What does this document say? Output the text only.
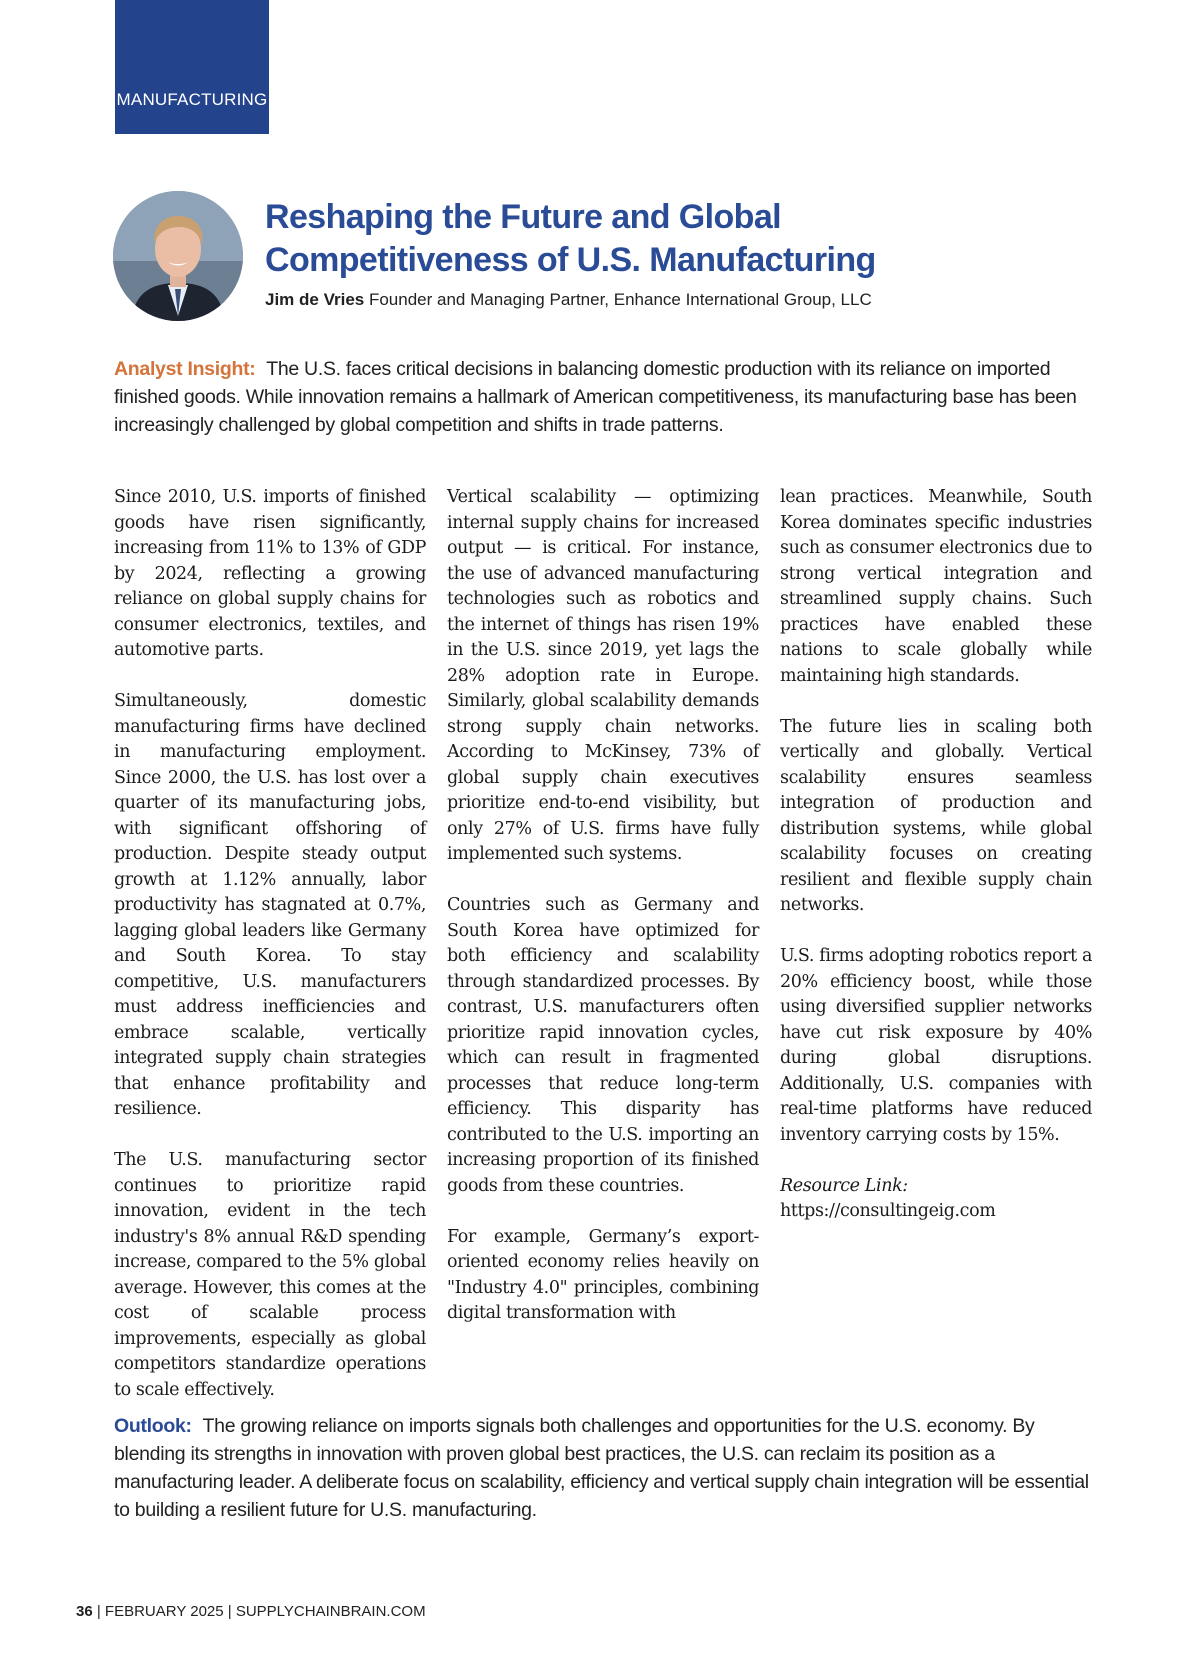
MANUFACTURING
Reshaping the Future and Global Competitiveness of U.S. Manufacturing
Jim de Vries Founder and Managing Partner, Enhance International Group, LLC
Analyst Insight: The U.S. faces critical decisions in balancing domestic production with its reliance on imported finished goods. While innovation remains a hallmark of American competitiveness, its manufacturing base has been increasingly challenged by global competition and shifts in trade patterns.

Since 2010, U.S. imports of finished goods have risen significantly, increasing from 11% to 13% of GDP by 2024, reflecting a growing reliance on global supply chains for consumer electronics, textiles, and automotive parts.

Simultaneously, domestic manufacturing firms have declined in manufacturing employment. Since 2000, the U.S. has lost over a quarter of its manufacturing jobs, with significant offshoring of production. Despite steady output growth at 1.12% annually, labor productivity has stagnated at 0.7%, lagging global leaders like Germany and South Korea. To stay competitive, U.S. manufacturers must address inefficiencies and embrace scalable, vertically integrated supply chain strategies that enhance profitability and resilience.

The U.S. manufacturing sector continues to prioritize rapid innovation, evident in the tech industry's 8% annual R&D spending increase, compared to the 5% global average. However, this comes at the cost of scalable process improvements, especially as global competitors standardize operations to scale effectively.

Vertical scalability — optimizing internal supply chains for increased output — is critical. For instance, the use of advanced manufacturing technologies such as robotics and the internet of things has risen 19% in the U.S. since 2019, yet lags the 28% adoption rate in Europe. Similarly, global scalability demands strong supply chain networks. According to McKinsey, 73% of global supply chain executives prioritize end-to-end visibility, but only 27% of U.S. firms have fully implemented such systems.

Countries such as Germany and South Korea have optimized for both efficiency and scalability through standardized processes. By contrast, U.S. manufacturers often prioritize rapid innovation cycles, which can result in fragmented processes that reduce long-term efficiency. This disparity has contributed to the U.S. importing an increasing proportion of its finished goods from these countries.

For example, Germany’s export-oriented economy relies heavily on "Industry 4.0" principles, combining digital transformation with

lean practices. Meanwhile, South Korea dominates specific industries such as consumer electronics due to strong vertical integration and streamlined supply chains. Such practices have enabled these nations to scale globally while maintaining high standards.

The future lies in scaling both vertically and globally. Vertical scalability ensures seamless integration of production and distribution systems, while global scalability focuses on creating resilient and flexible supply chain networks.

U.S. firms adopting robotics report a 20% efficiency boost, while those using diversified supplier networks have cut risk exposure by 40% during global disruptions. Additionally, U.S. companies with real-time platforms have reduced inventory carrying costs by 15%.

Resource Link:
https://consultingeig.com

Outlook: The growing reliance on imports signals both challenges and opportunities for the U.S. economy. By blending its strengths in innovation with proven global best practices, the U.S. can reclaim its position as a manufacturing leader. A deliberate focus on scalability, efficiency and vertical supply chain integration will be essential to building a resilient future for U.S. manufacturing.
36 | FEBRUARY 2025 | SUPPLYCHAINBRAIN.COM
